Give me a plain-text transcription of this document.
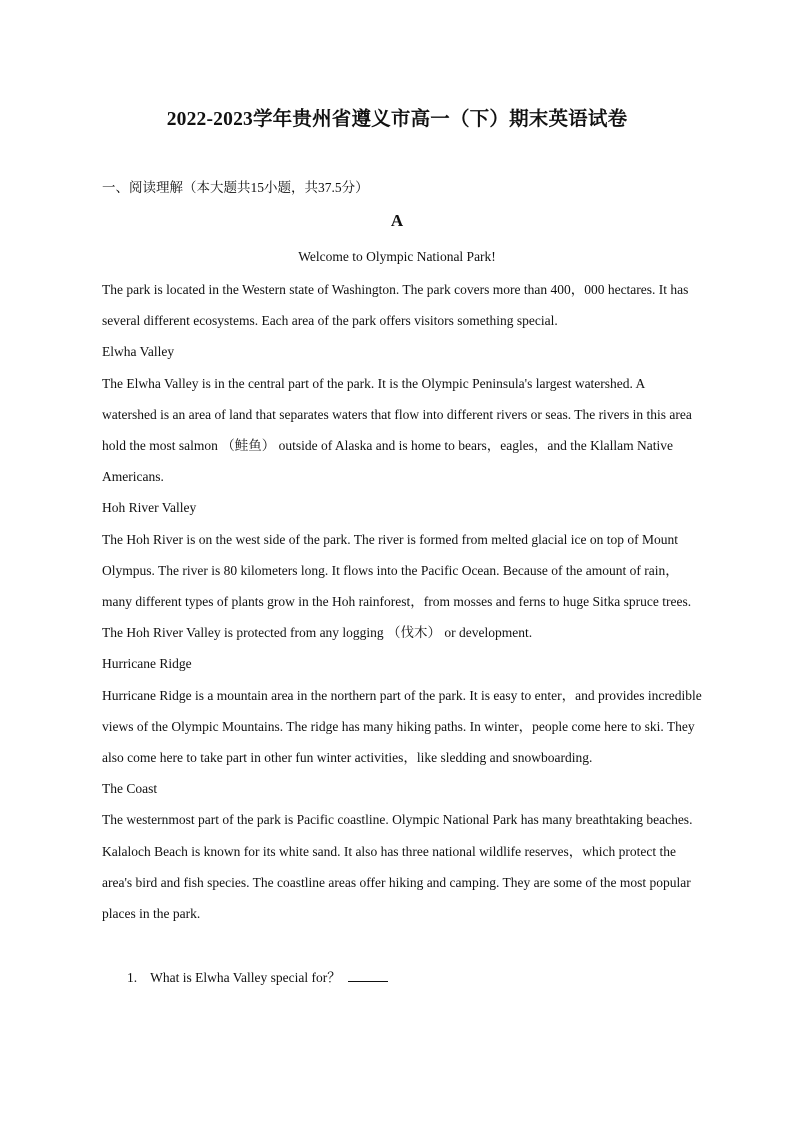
2022-2023学年贵州省遵义市高一（下）期末英语试卷
一、阅读理解（本大题共15小题，共37.5分）
A
Welcome to Olympic National Park!

The park is located in the Western state of Washington. The park covers more than 400，000 hectares. It has several different ecosystems. Each area of the park offers visitors something special.

Elwha Valley

The Elwha Valley is in the central part of the park. It is the Olympic Peninsula's largest watershed. A watershed is an area of land that separates waters that flow into different rivers or seas. The rivers in this area hold the most salmon （鲑鱼） outside of Alaska and is home to bears，eagles，and the Klallam Native Americans.

Hoh River Valley

The Hoh River is on the west side of the park. The river is formed from melted glacial ice on top of Mount Olympus. The river is 80 kilometers long. It flows into the Pacific Ocean. Because of the amount of rain，many different types of plants grow in the Hoh rainforest，from mosses and ferns to huge Sitka spruce trees. The Hoh River Valley is protected from any logging （伐木） or development.

Hurricane Ridge

Hurricane Ridge is a mountain area in the northern part of the park. It is easy to enter，and provides incredible views of the Olympic Mountains. The ridge has many hiking paths. In winter，people come here to ski. They also come here to take part in other fun winter activities，like sledding and snowboarding.

The Coast

The westernmost part of the park is Pacific coastline. Olympic National Park has many breathtaking beaches. Kalaloch Beach is known for its white sand. It also has three national wildlife reserves，which protect the area's bird and fish species. The coastline areas offer hiking and camping. They are some of the most popular places in the park.

1. What is Elwha Valley special for？
